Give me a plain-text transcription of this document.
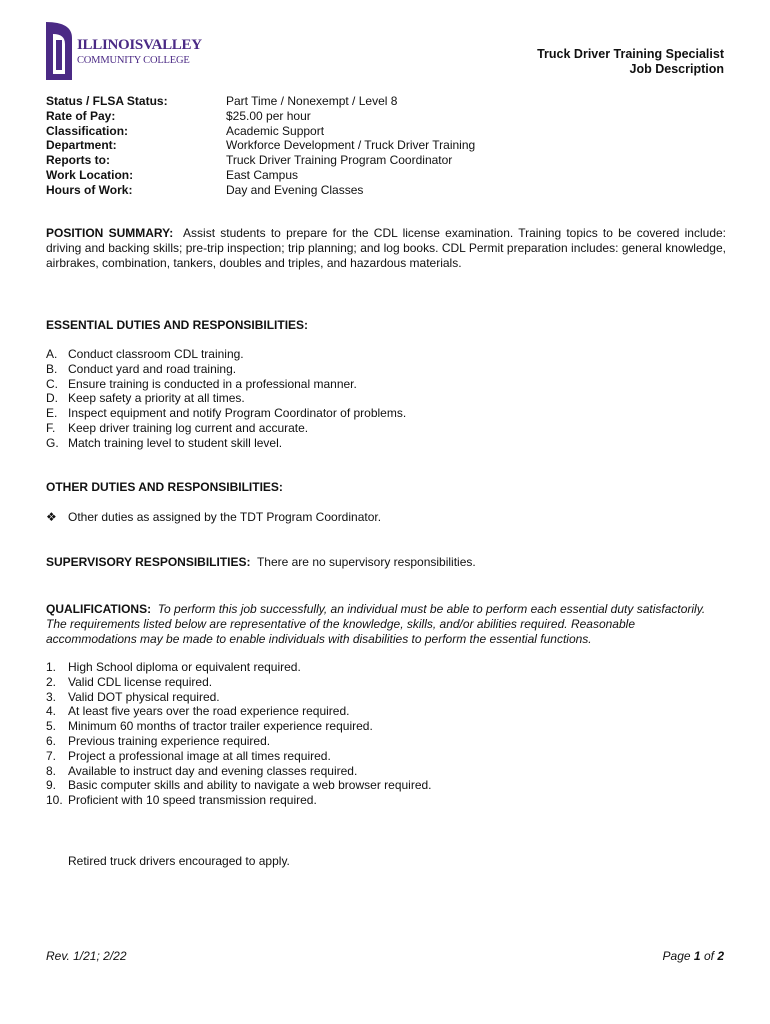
ILLINOISVALLEY
COMMUNITY COLLEGE	Truck Driver Training Specialist
Job Description
Status / FLSA Status:	Part Time / Nonexempt / Level 8
Rate of Pay:	$25.00 per hour
Classification:	Academic Support
Department:	Workforce Development / Truck Driver Training
Reports to:	Truck Driver Training Program Coordinator
Work Location:	East Campus
Hours of Work:	Day and Evening Classes
POSITION SUMMARY: Assist students to prepare for the CDL license examination. Training topics to be covered include: driving and backing skills; pre-trip inspection; trip planning; and log books. CDL Permit preparation includes: general knowledge, airbrakes, combination, tankers, doubles and triples, and hazardous materials.
ESSENTIAL DUTIES AND RESPONSIBILITIES:
A. Conduct classroom CDL training.
B. Conduct yard and road training.
C. Ensure training is conducted in a professional manner.
D. Keep safety a priority at all times.
E. Inspect equipment and notify Program Coordinator of problems.
F.	Keep driver training log current and accurate.
G. Match training level to student skill level.
OTHER DUTIES AND RESPONSIBILITIES:
❖ Other duties as assigned by the TDT Program Coordinator.
SUPERVISORY RESPONSIBILITIES: There are no supervisory responsibilities.
QUALIFICATIONS: To perform this job successfully, an individual must be able to perform each essential duty satisfactorily. The requirements listed below are representative of the knowledge, skills, and/or abilities required. Reasonable accommodations may be made to enable individuals with disabilities to perform the essential functions.
1. High School diploma or equivalent required.
2. Valid CDL license required.
3. Valid DOT physical required.
4. At least five years over the road experience required.
5. Minimum 60 months of tractor trailer experience required.
6. Previous training experience required.
7. Project a professional image at all times required.
8. Available to instruct day and evening classes required.
9. Basic computer skills and ability to navigate a web browser required.
10. Proficient with 10 speed transmission required.
Retired truck drivers encouraged to apply.
Rev. 1/21; 2/22	Page 1 of 2
